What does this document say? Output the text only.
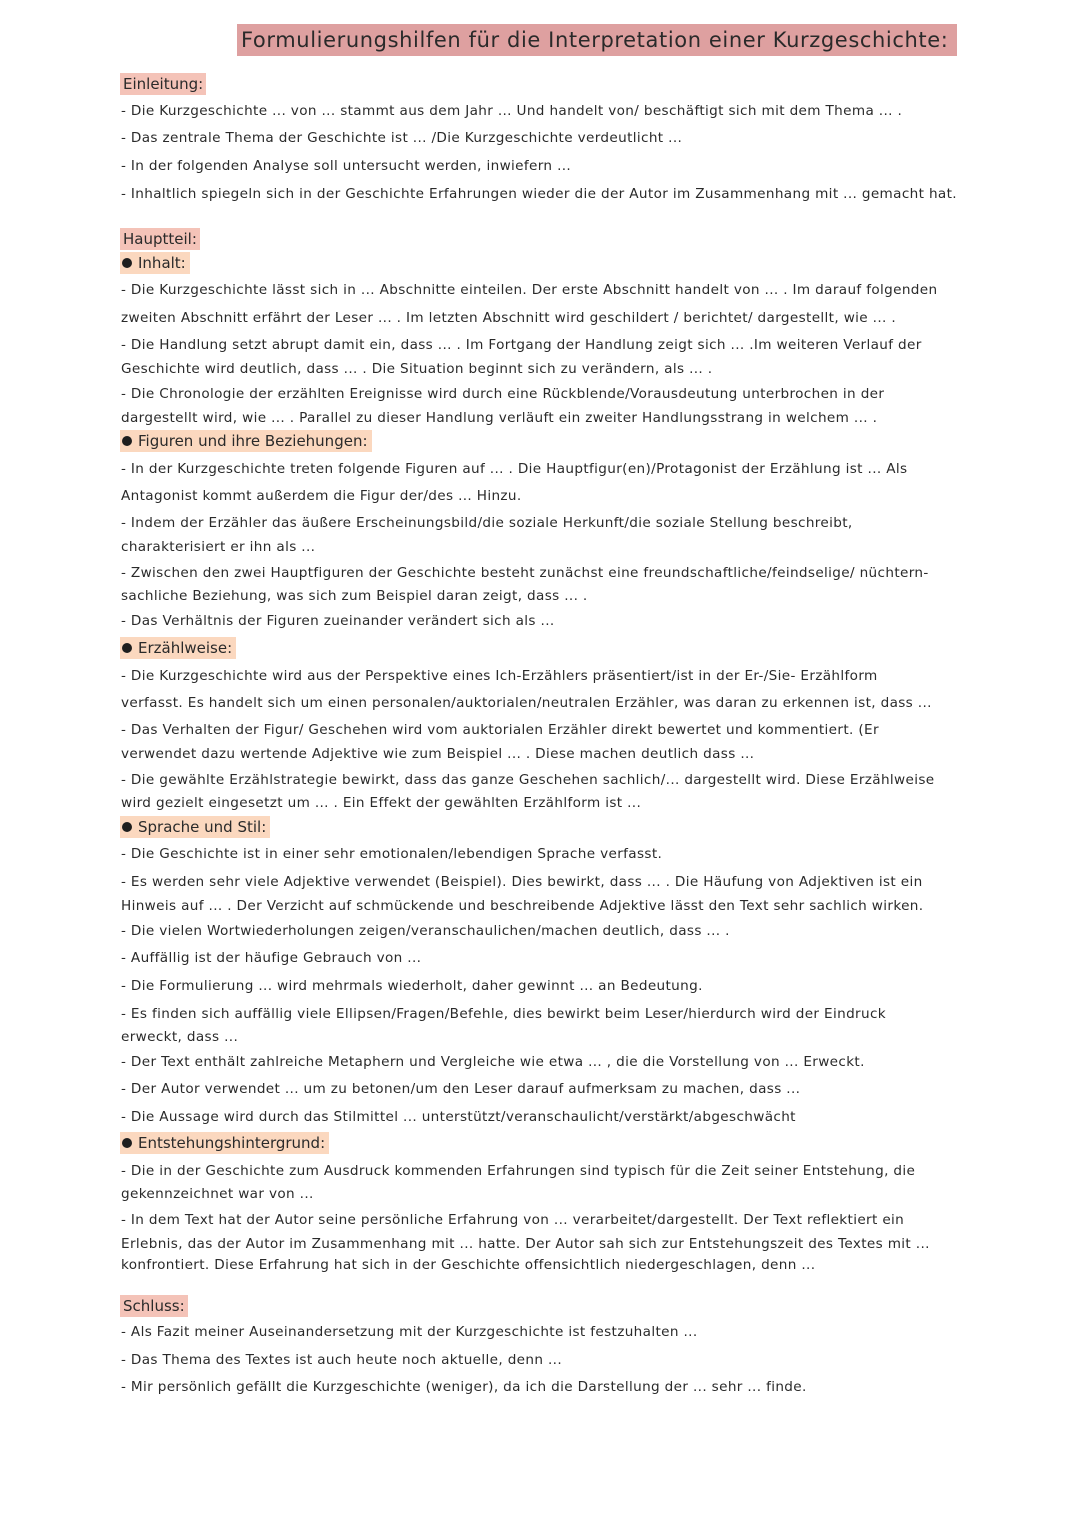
Formulierungshilfen für die Interpretation einer Kurzgeschichte:
Einleitung:
- Die Kurzgeschichte ... von ... stammt aus dem Jahr ... Und handelt von/ beschäftigt sich mit dem Thema ... .
- Das zentrale Thema der Geschichte ist ... /Die Kurzgeschichte verdeutlicht ...
- In der folgenden Analyse soll untersucht werden, inwiefern ...
- Inhaltlich spiegeln sich in der Geschichte Erfahrungen wieder die der Autor im Zusammenhang mit ... gemacht hat.
Hauptteil:
Inhalt:
- Die Kurzgeschichte lässt sich in ... Abschnitte einteilen. Der erste Abschnitt handelt von ... . Im darauf folgenden
zweiten Abschnitt erfährt der Leser ... . Im letzten Abschnitt wird geschildert / berichtet/ dargestellt, wie ... .
- Die Handlung setzt abrupt damit ein, dass ... . Im Fortgang der Handlung zeigt sich ... .Im weiteren Verlauf der
Geschichte wird deutlich, dass ... . Die Situation beginnt sich zu verändern, als ... .
- Die Chronologie der erzählten Ereignisse wird durch eine Rückblende/Vorausdeutung unterbrochen in der
dargestellt wird, wie ... . Parallel zu dieser Handlung verläuft ein zweiter Handlungsstrang in welchem ... .
Figuren und ihre Beziehungen:
- In der Kurzgeschichte treten folgende Figuren auf ... . Die Hauptfigur(en)/Protagonist der Erzählung ist ... Als
Antagonist kommt außerdem die Figur der/des ... Hinzu.
- Indem der Erzähler das äußere Erscheinungsbild/die soziale Herkunft/die soziale Stellung beschreibt,
charakterisiert er ihn als ...
- Zwischen den zwei Hauptfiguren der Geschichte besteht zunächst eine freundschaftliche/feindselige/ nüchtern-
sachliche Beziehung, was sich zum Beispiel daran zeigt, dass ... .
- Das Verhältnis der Figuren zueinander verändert sich als ...
Erzählweise:
- Die Kurzgeschichte wird aus der Perspektive eines Ich-Erzählers präsentiert/ist in der Er-/Sie- Erzählform
verfasst. Es handelt sich um einen personalen/auktorialen/neutralen Erzähler, was daran zu erkennen ist, dass ...
- Das Verhalten der Figur/ Geschehen wird vom auktorialen Erzähler direkt bewertet und kommentiert. (Er
verwendet dazu wertende Adjektive wie zum Beispiel ... . Diese machen deutlich dass ...
- Die gewählte Erzählstrategie bewirkt, dass das ganze Geschehen sachlich/... dargestellt wird. Diese Erzählweise
wird gezielt eingesetzt um ... . Ein Effekt der gewählten Erzählform ist ...
Sprache und Stil:
- Die Geschichte ist in einer sehr emotionalen/lebendigen Sprache verfasst.
- Es werden sehr viele Adjektive verwendet (Beispiel). Dies bewirkt, dass ... . Die Häufung von Adjektiven ist ein
Hinweis auf ... . Der Verzicht auf schmückende und beschreibende Adjektive lässt den Text sehr sachlich wirken.
- Die vielen Wortwiederholungen zeigen/veranschaulichen/machen deutlich, dass ... .
- Auffällig ist der häufige Gebrauch von ...
- Die Formulierung ... wird mehrmals wiederholt, daher gewinnt ... an Bedeutung.
- Es finden sich auffällig viele Ellipsen/Fragen/Befehle, dies bewirkt beim Leser/hierdurch wird der Eindruck
erweckt, dass ...
- Der Text enthält zahlreiche Metaphern und Vergleiche wie etwa ... , die die Vorstellung von ... Erweckt.
- Der Autor verwendet ... um zu betonen/um den Leser darauf aufmerksam zu machen, dass ...
- Die Aussage wird durch das Stilmittel ... unterstützt/veranschaulicht/verstärkt/abgeschwächt
Entstehungshintergrund:
- Die in der Geschichte zum Ausdruck kommenden Erfahrungen sind typisch für die Zeit seiner Entstehung, die
gekennzeichnet war von ...
- In dem Text hat der Autor seine persönliche Erfahrung von ... verarbeitet/dargestellt. Der Text reflektiert ein
Erlebnis, das der Autor im Zusammenhang mit ... hatte. Der Autor sah sich zur Entstehungszeit des Textes mit ...
konfrontiert. Diese Erfahrung hat sich in der Geschichte offensichtlich niedergeschlagen, denn ...
Schluss:
- Als Fazit meiner Auseinandersetzung mit der Kurzgeschichte ist festzuhalten ...
- Das Thema des Textes ist auch heute noch aktuelle, denn ...
- Mir persönlich gefällt die Kurzgeschichte (weniger), da ich die Darstellung der ... sehr ... finde.
